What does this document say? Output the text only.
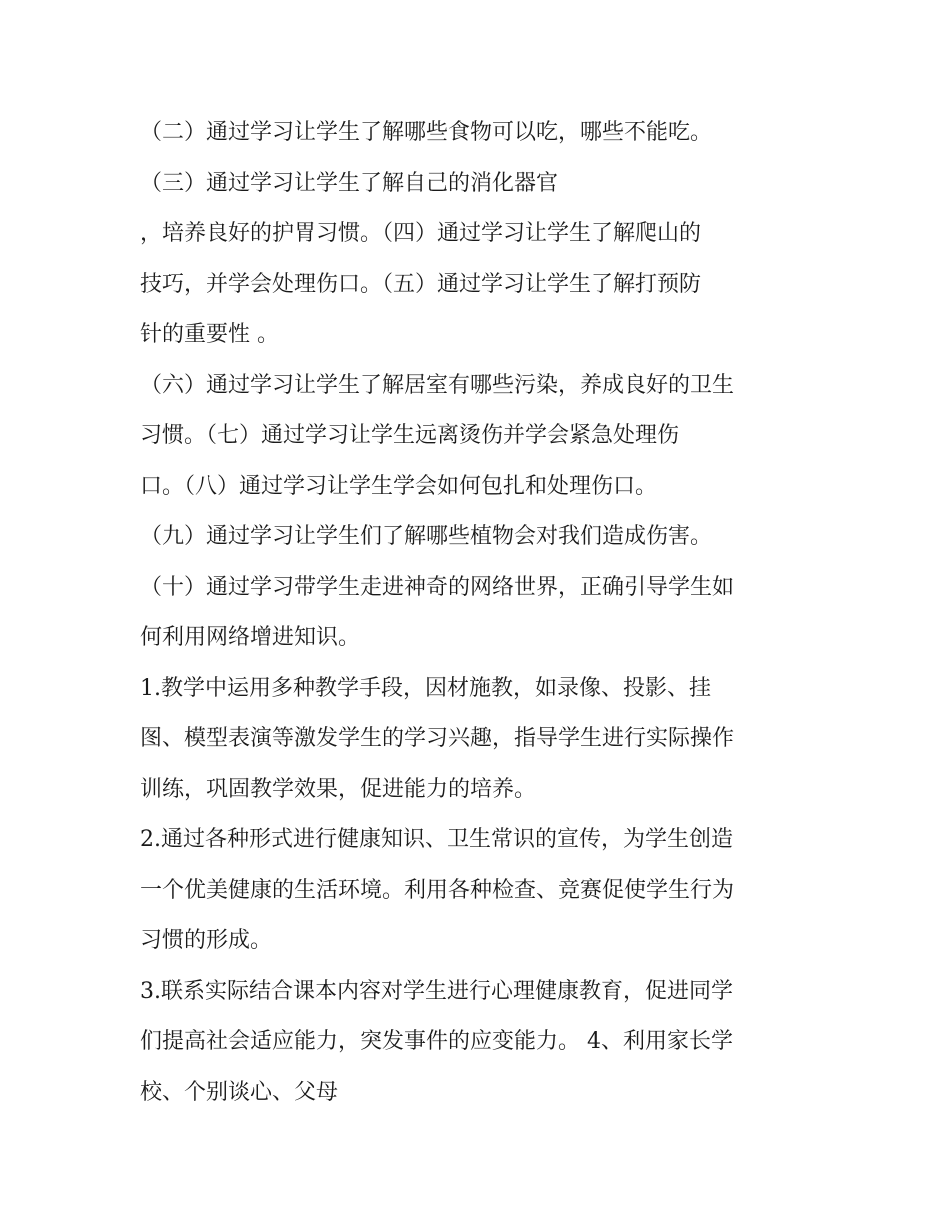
（二）通过学习让学生了解哪些食物可以吃，哪些不能吃。
（三）通过学习让学生了解自己的消化器官
，培养良好的护胃习惯。（四）通过学习让学生了解爬山的
技巧，并学会处理伤口。（五）通过学习让学生了解打预防
针的重要性 。
（六）通过学习让学生了解居室有哪些污染，养成良好的卫生
习惯。（七）通过学习让学生远离烫伤并学会紧急处理伤
口。（八）通过学习让学生学会如何包扎和处理伤口。
（九）通过学习让学生们了解哪些植物会对我们造成伤害。
（十）通过学习带学生走进神奇的网络世界，正确引导学生如
何利用网络增进知识。
1.教学中运用多种教学手段，因材施教，如录像、投影、挂
图、模型表演等激发学生的学习兴趣，指导学生进行实际操作
训练，巩固教学效果，促进能力的培养。
2.通过各种形式进行健康知识、卫生常识的宣传，为学生创造
一个优美健康的生活环境。利用各种检查、竞赛促使学生行为
习惯的形成。
3.联系实际结合课本内容对学生进行心理健康教育，促进同学
们提高社会适应能力，突发事件的应变能力。 4、利用家长学
校、个别谈心、父母
